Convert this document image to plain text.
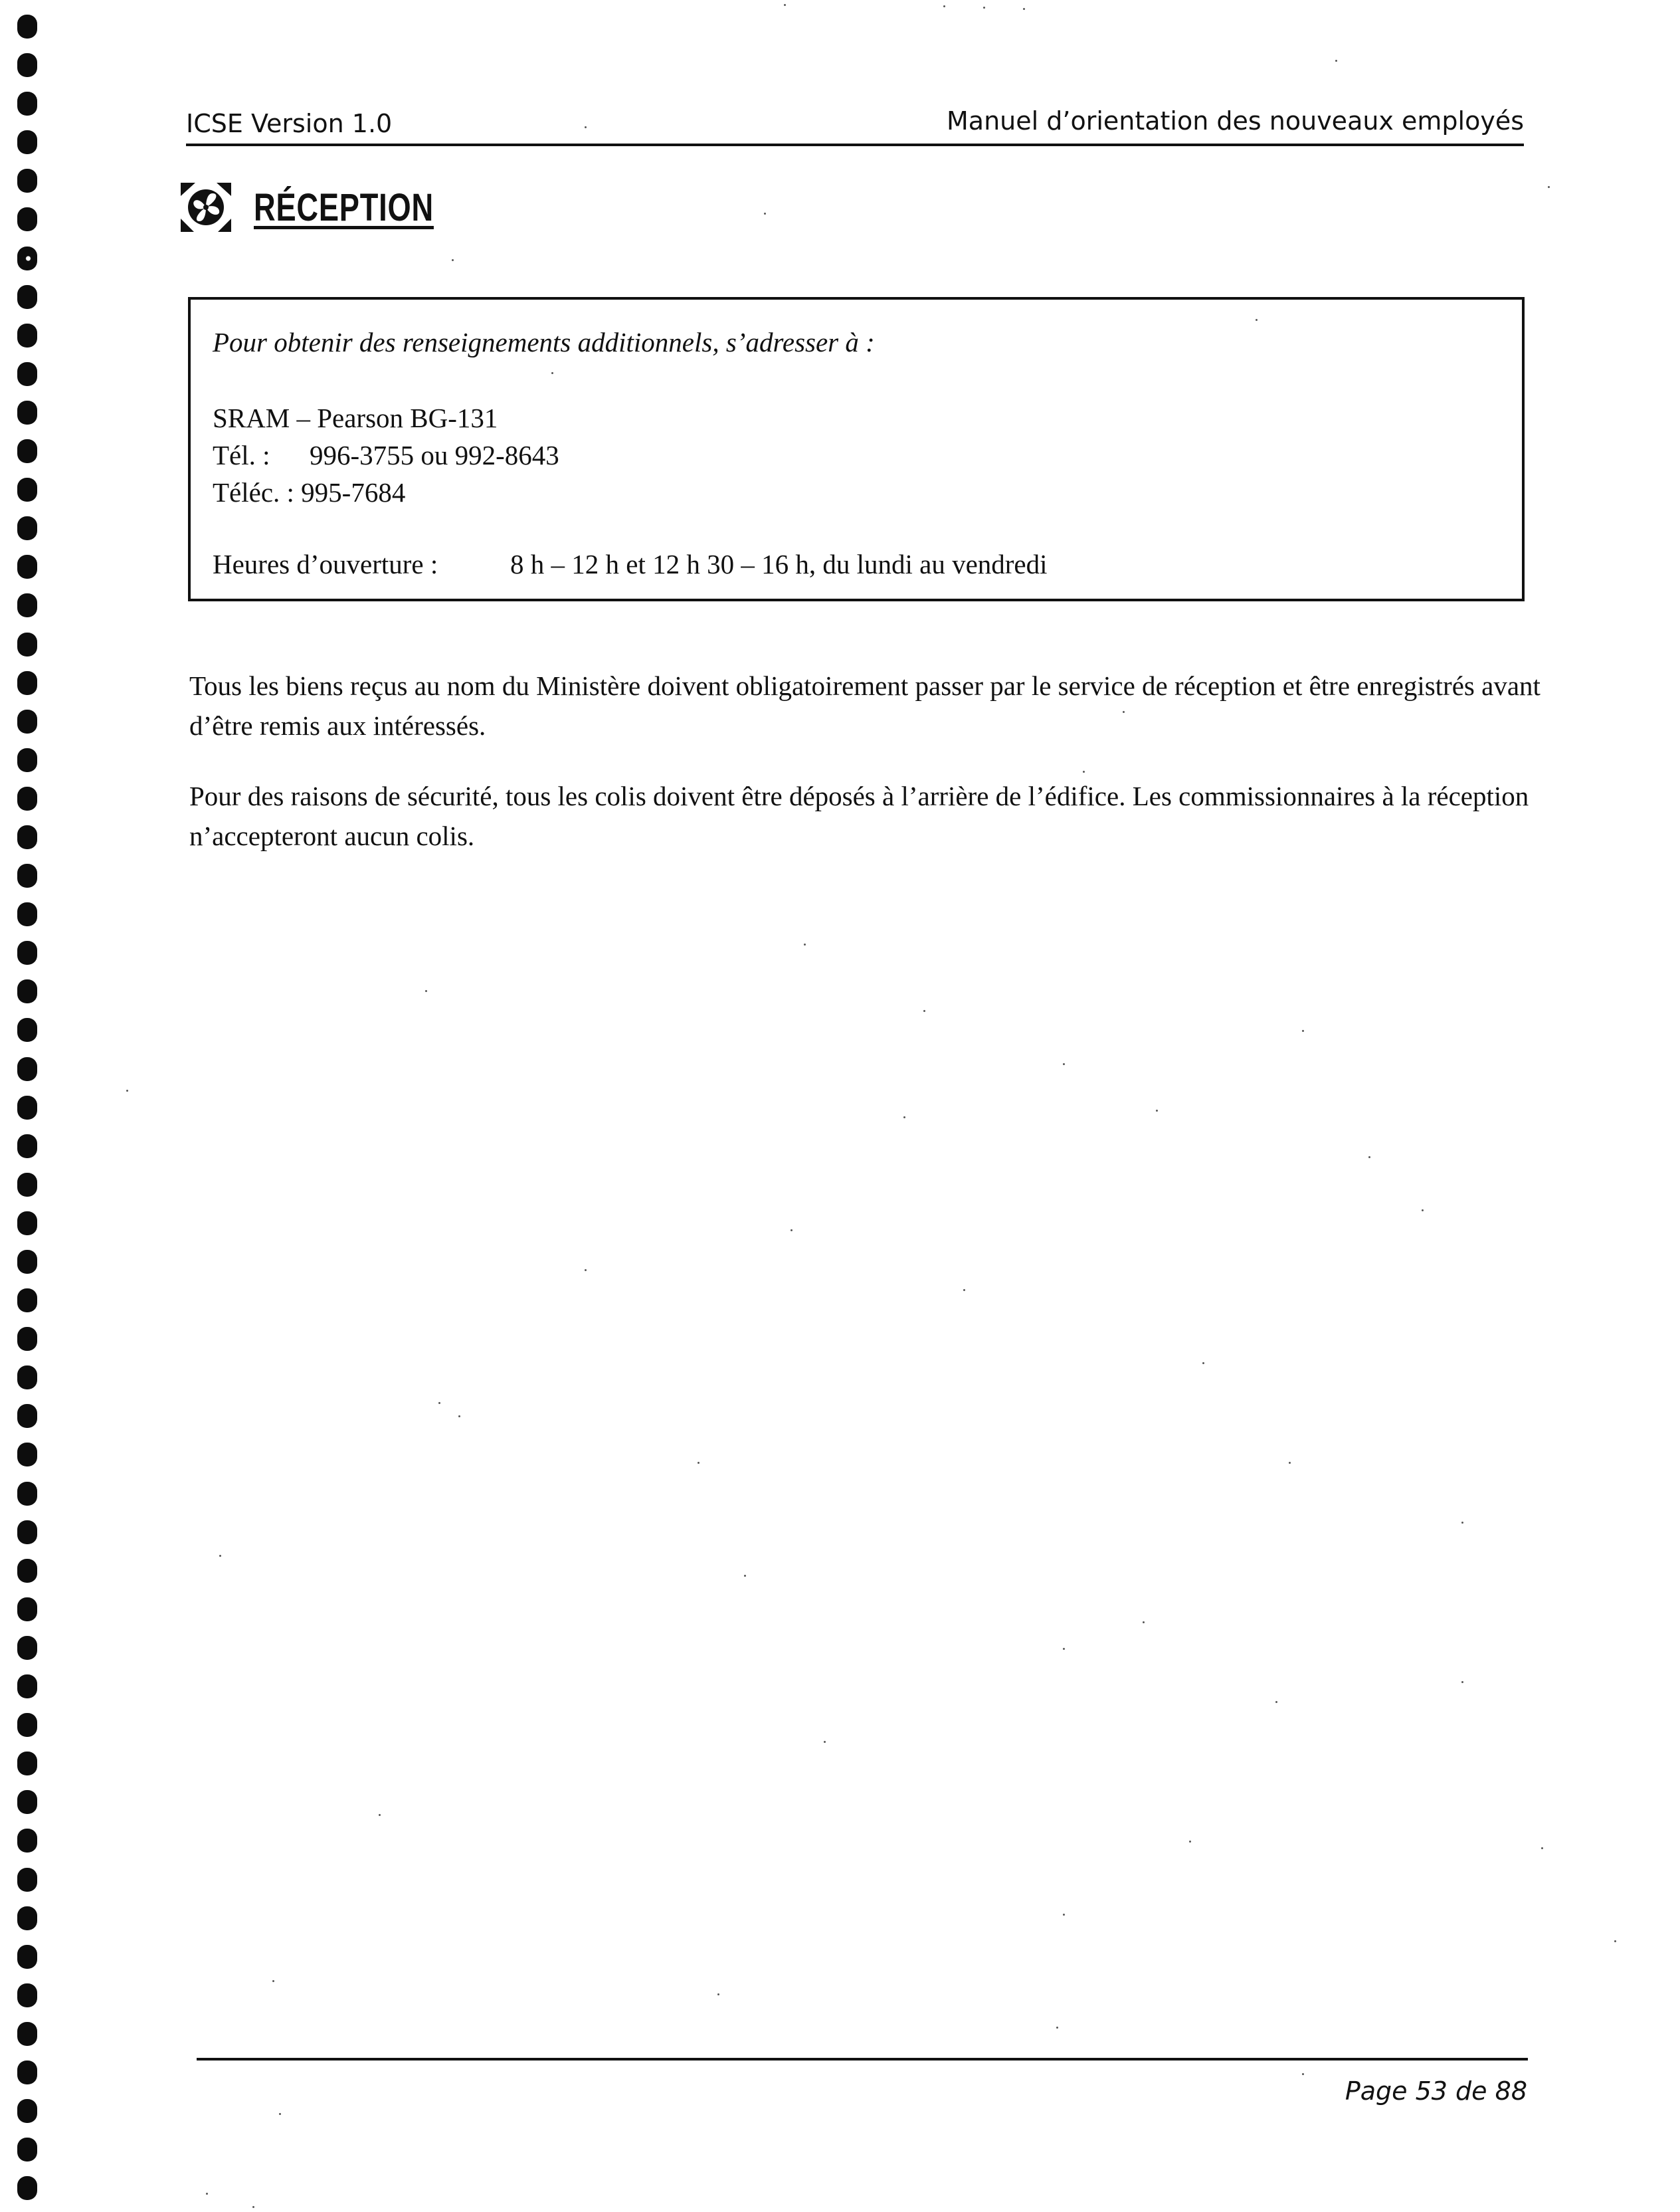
ICSE Version 1.0	Manuel d’orientation des nouveaux employés
RÉCEPTION
Pour obtenir des renseignements additionnels, s’adresser à :
SRAM – Pearson BG-131
Tél. : 996-3755 ou 992-8643
Téléc. : 995-7684
Heures d’ouverture :	8 h – 12 h et 12 h 30 – 16 h, du lundi au vendredi

Tous les biens reçus au nom du Ministère doivent obligatoirement passer par le service de réception et être enregistrés avant d’être remis aux intéressés.

Pour des raisons de sécurité, tous les colis doivent être déposés à l’arrière de l’édifice. Les commissionnaires à la réception n’accepteront aucun colis.

Page 53 de 88
